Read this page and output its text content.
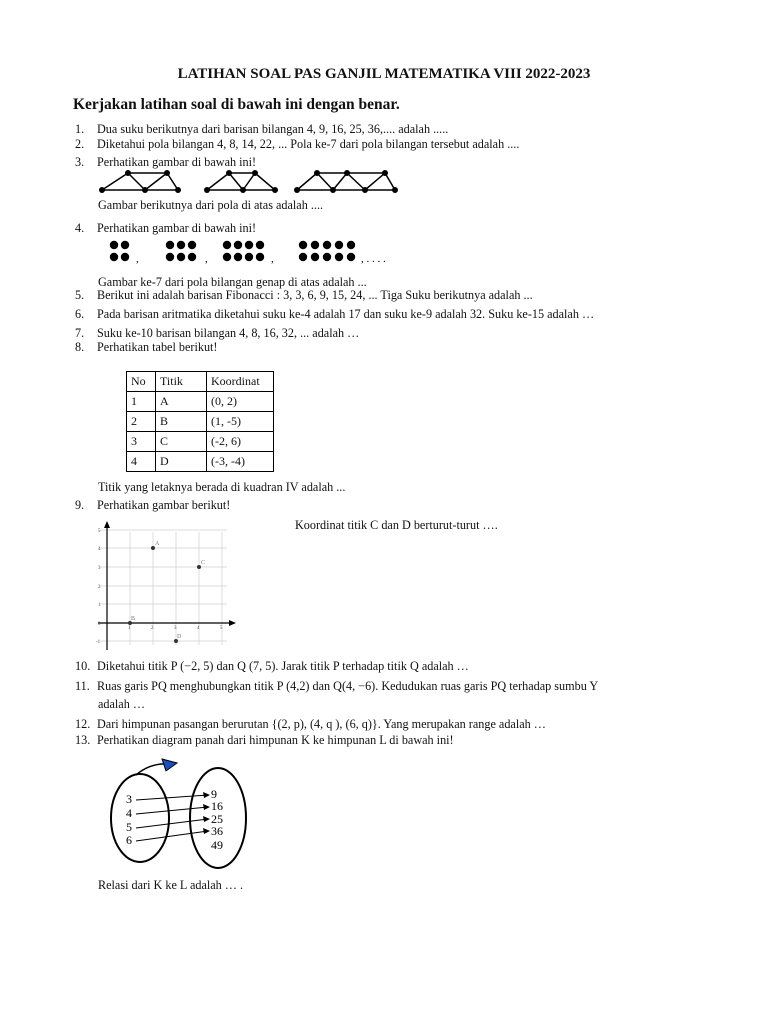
LATIHAN SOAL PAS GANJIL MATEMATIKA VIII 2022-2023
Kerjakan latihan soal di bawah ini dengan benar.
1. Dua suku berikutnya dari barisan bilangan 4, 9, 16, 25, 36,.... adalah .....
2. Diketahui pola bilangan 4, 8, 14, 22, ... Pola ke-7 dari pola bilangan tersebut adalah ....
3. Perhatikan gambar di bawah ini!
Gambar berikutnya dari pola di atas adalah ....
4. Perhatikan gambar di bawah ini!
,	,	,	, . . . .
Gambar ke-7 dari pola bilangan genap di atas adalah ...
5. Berikut ini adalah barisan Fibonacci : 3, 3, 6, 9, 15, 24, ... Tiga Suku berikutnya adalah ...
6. Pada barisan aritmatika diketahui suku ke-4 adalah 17 dan suku ke-9 adalah 32. Suku ke-15 adalah …
7. Suku ke-10 barisan bilangan 4, 8, 16, 32, ... adalah …
8. Perhatikan tabel berikut!
No	Titik	Koordinat
1	A	(0, 2)
2	B	(1, -5)
3	C	(-2, 6)
4	D	(-3, -4)
Titik yang letaknya berada di kuadran IV adalah ...
9. Perhatikan gambar berikut!
Koordinat titik C dan D berturut-turut ….
5
4
3
2
1
0
-1
1	2	3	4	5
A
B
C
D
10. Diketahui titik P (−2, 5) dan Q (7, 5). Jarak titik P terhadap titik Q adalah …
11. Ruas garis PQ menghubungkan titik P (4,2) dan Q(4, −6). Kedudukan ruas garis PQ terhadap sumbu Y
adalah …
12. Dari himpunan pasangan berurutan {(2, p), (4, q ), (6, q)}. Yang merupakan range adalah …
13. Perhatikan diagram panah dari himpunan K ke himpunan L di bawah ini!
3
4
5
6
9
16
25
36
49
Relasi dari K ke L adalah … .
